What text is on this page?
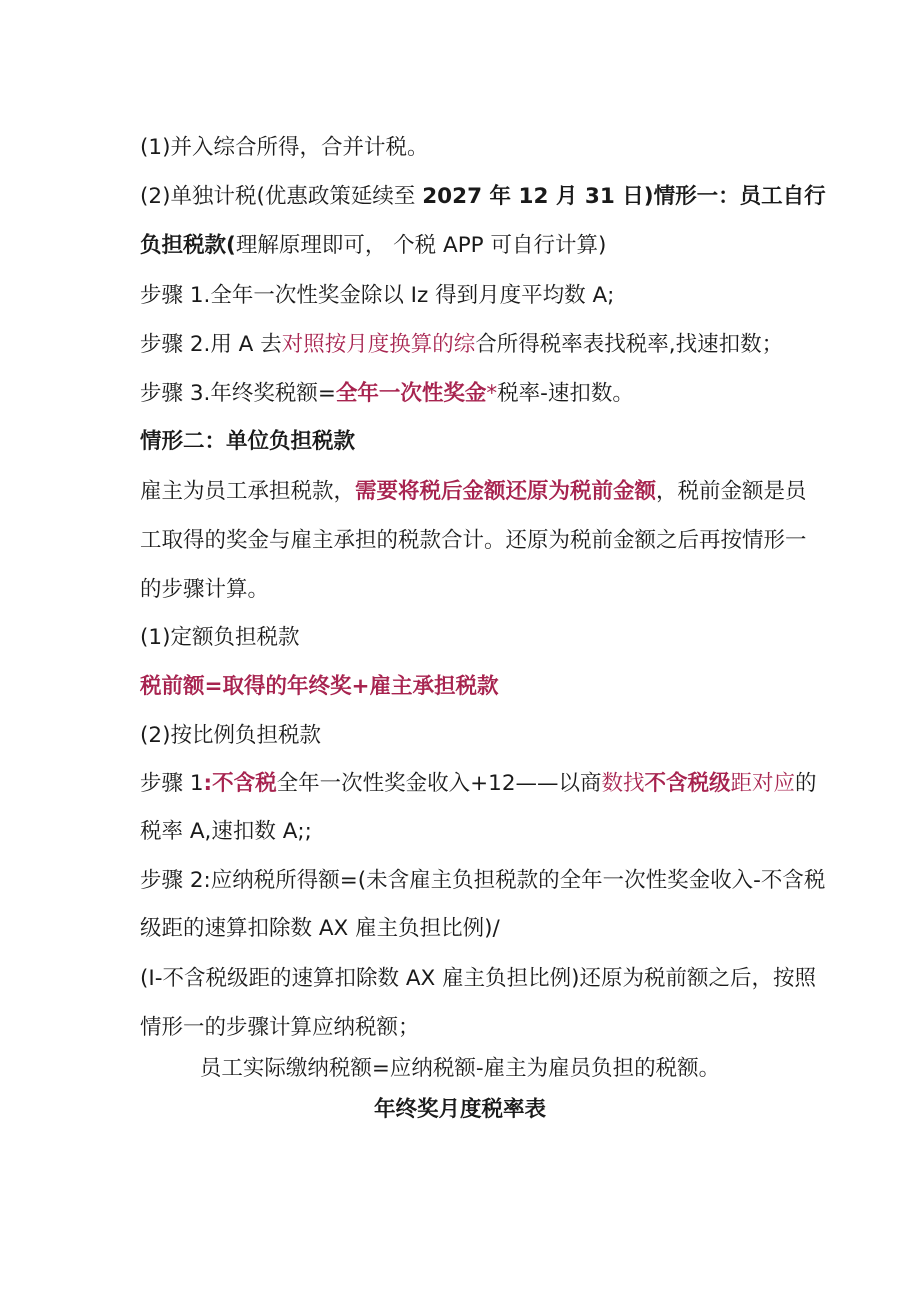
(1)并入综合所得，合并计税。
(2)单独计税(优惠政策延续至 2027 年 12 月 31 日)情形一：员工自行
负担税款(理解原理即可， 个税 APP 可自行计算)
步骤 1.全年一次性奖金除以 Iz 得到月度平均数 A;
步骤 2.用 A 去对照按月度换算的综合所得税率表找税率,找速扣数；
步骤 3.年终奖税额=全年一次性奖金*税率-速扣数。
情形二：单位负担税款
雇主为员工承担税款，需要将税后金额还原为税前金额，税前金额是员
工取得的奖金与雇主承担的税款合计。还原为税前金额之后再按情形一
的步骤计算。
(1)定额负担税款
税前额=取得的年终奖+雇主承担税款
(2)按比例负担税款
步骤 1:不含税全年一次性奖金收入+12——以商数找不含税级距对应的
税率 A,速扣数 A;;
步骤 2:应纳税所得额=(未含雇主负担税款的全年一次性奖金收入-不含税
级距的速算扣除数 AX 雇主负担比例)/
(I-不含税级距的速算扣除数 AX 雇主负担比例)还原为税前额之后，按照
情形一的步骤计算应纳税额；
员工实际缴纳税额=应纳税额-雇主为雇员负担的税额。
年终奖月度税率表
